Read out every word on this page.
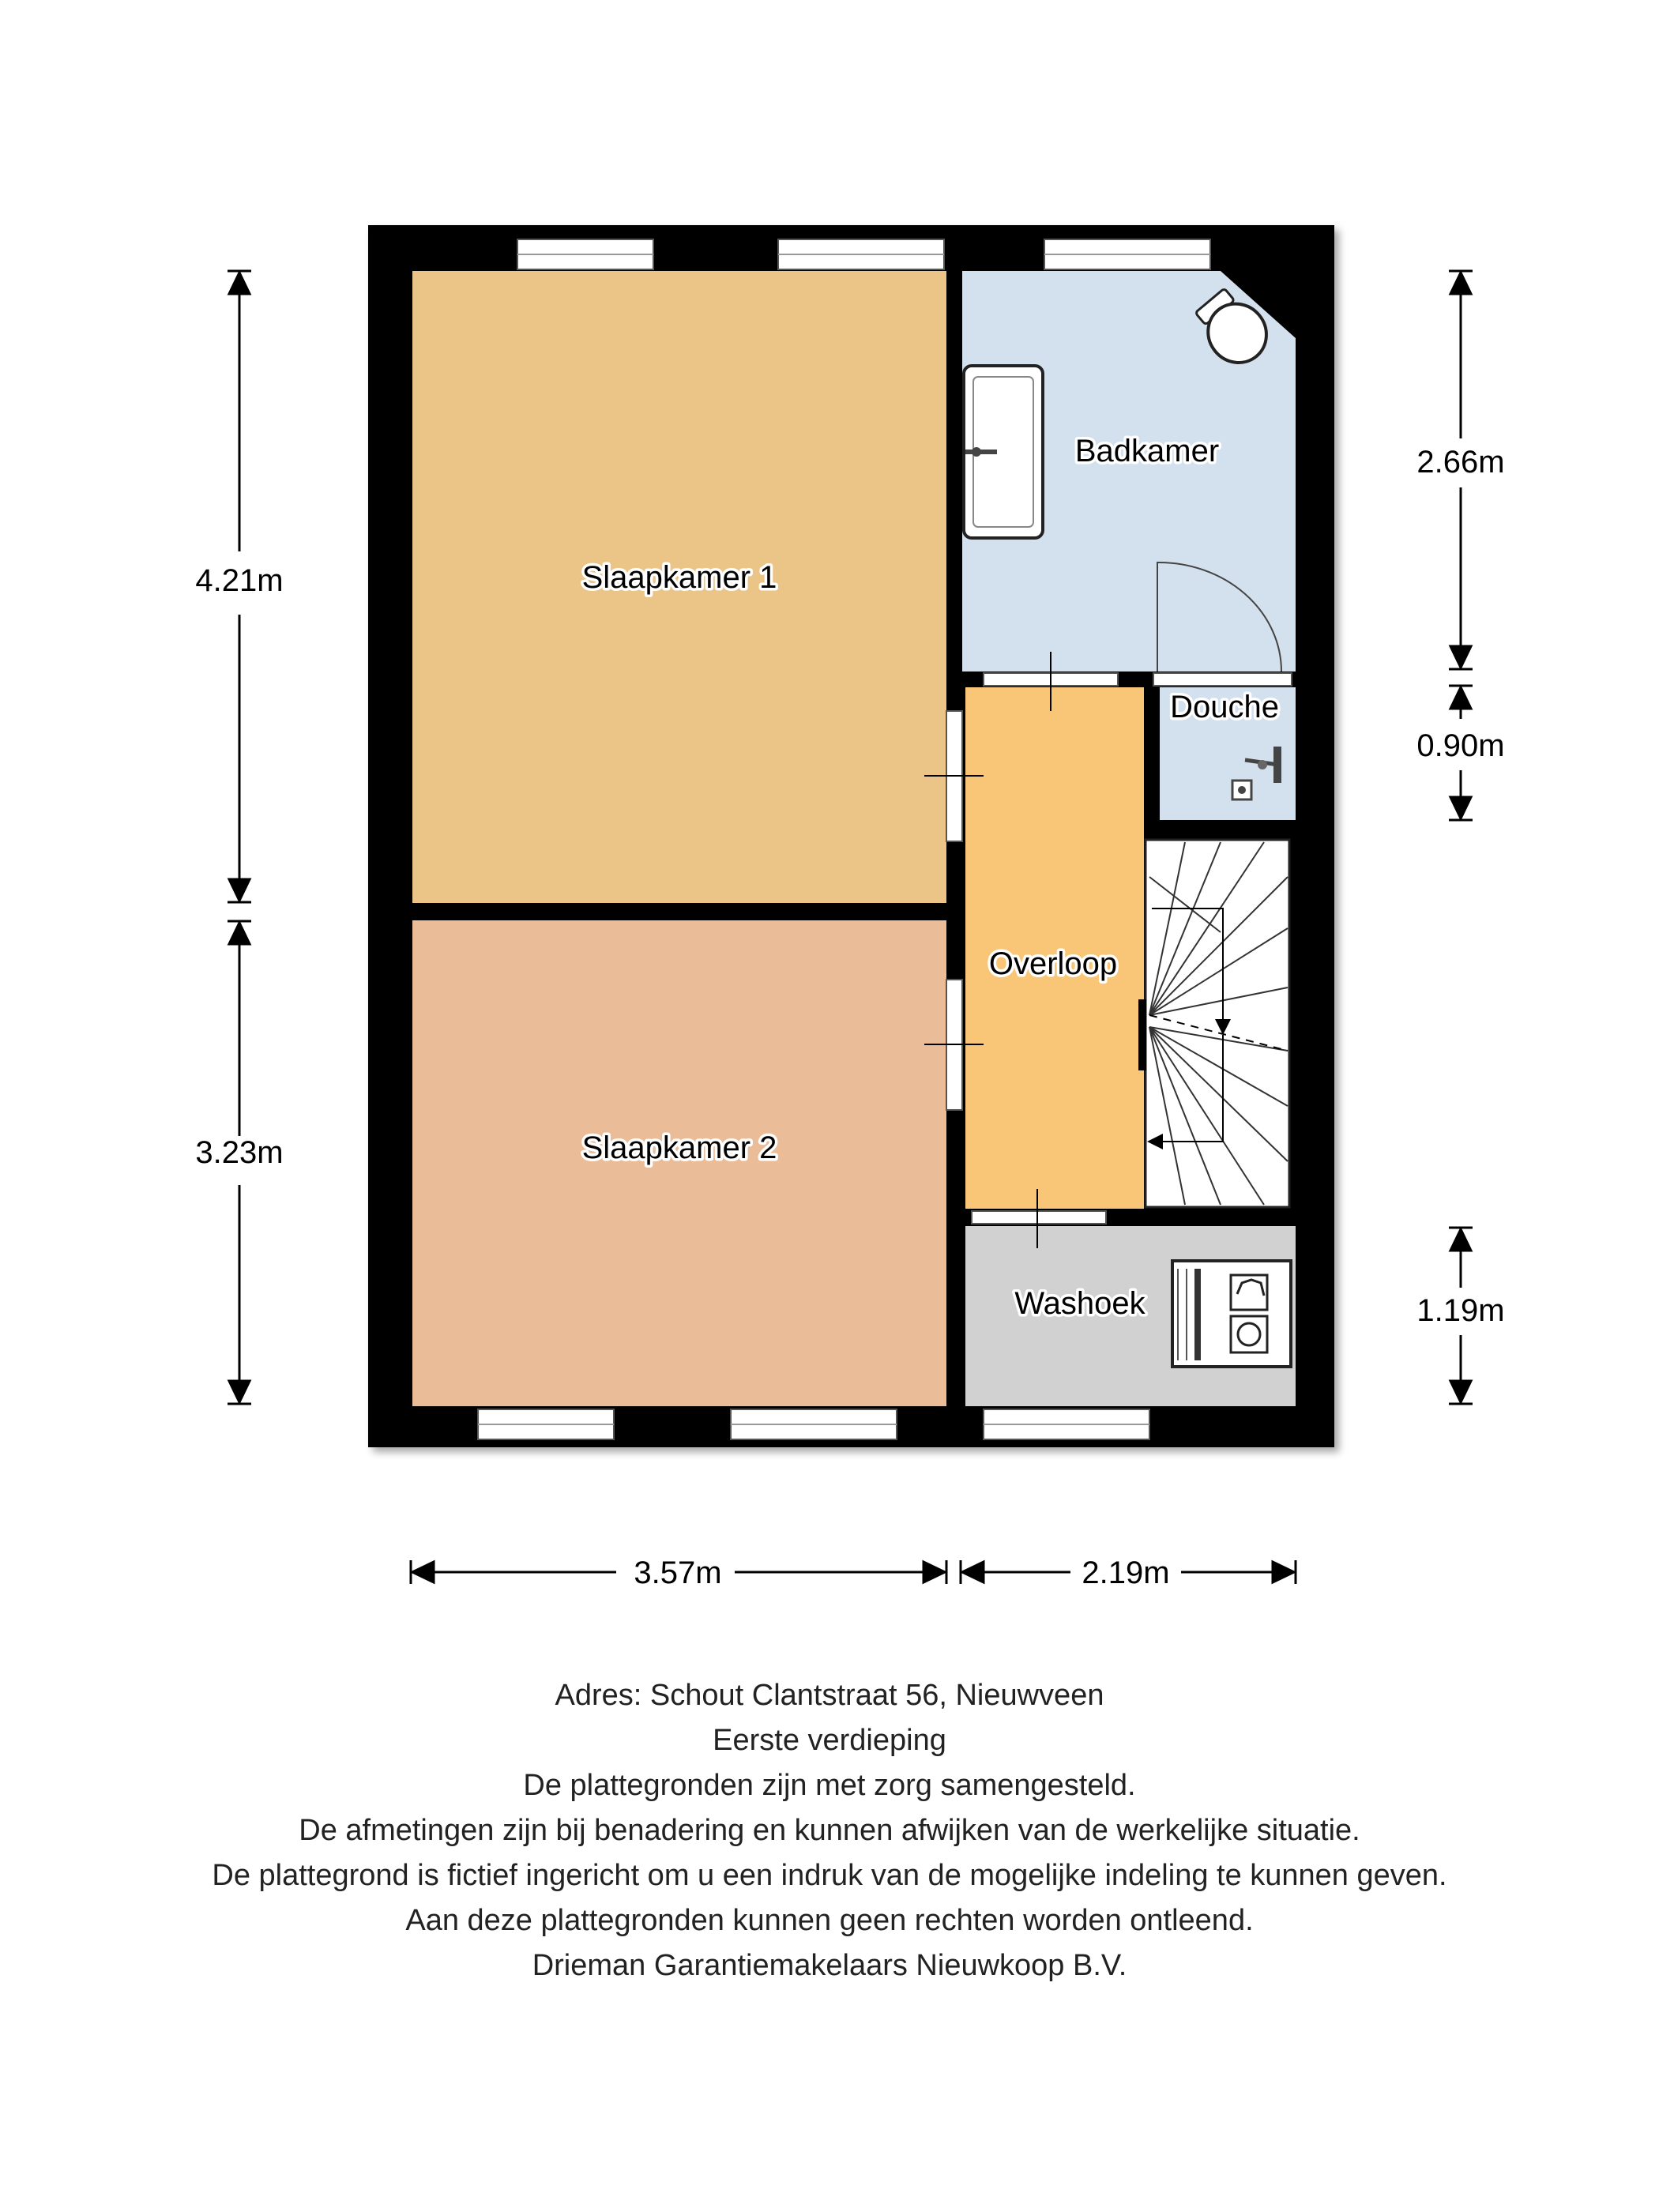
Slaapkamer 1
Slaapkamer 2
Badkamer
Douche
Overloop
Washoek
4.21m
3.23m
2.66m
0.90m
1.19m
3.57m	2.19m
Adres: Schout Clantstraat 56, Nieuwveen
Eerste verdieping
De plattegronden zijn met zorg samengesteld.
De afmetingen zijn bij benadering en kunnen afwijken van de werkelijke situatie.
De plattegrond is fictief ingericht om u een indruk van de mogelijke indeling te kunnen geven.
Aan deze plattegronden kunnen geen rechten worden ontleend.
Drieman Garantiemakelaars Nieuwkoop B.V.
